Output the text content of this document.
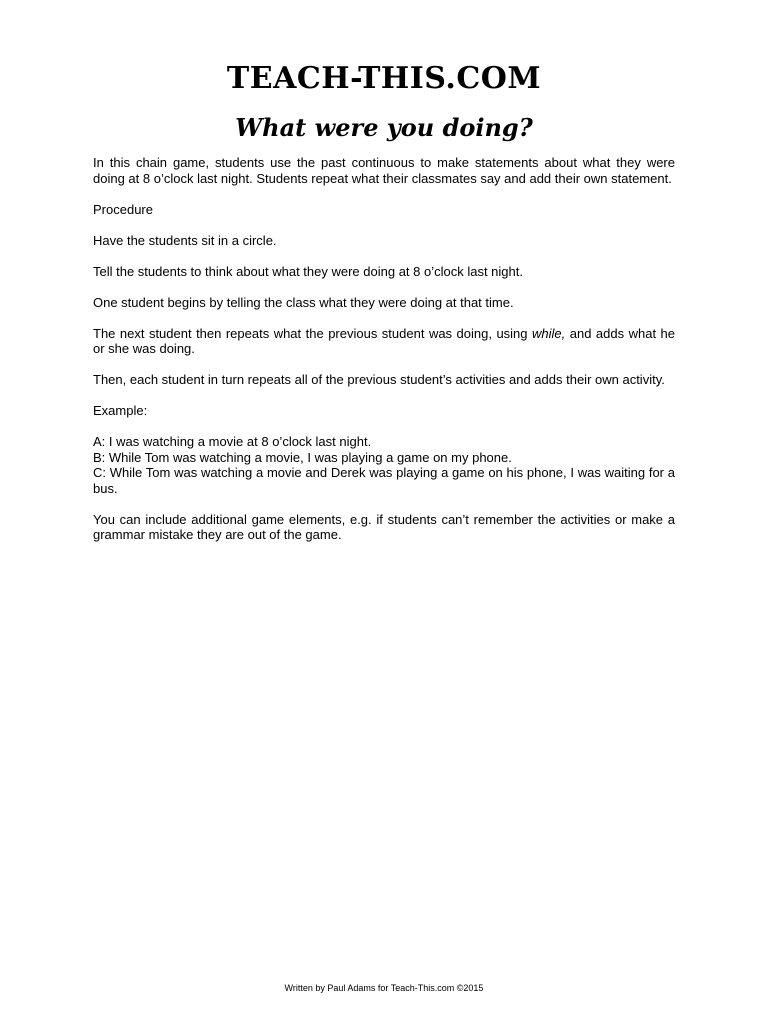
TEACH-THIS.COM
What were you doing?

In this chain game, students use the past continuous to make statements about what they were doing at 8 o’clock last night. Students repeat what their classmates say and add their own statement.

Procedure

Have the students sit in a circle.

Tell the students to think about what they were doing at 8 o’clock last night.

One student begins by telling the class what they were doing at that time.

The next student then repeats what the previous student was doing, using while, and adds what he or she was doing.

Then, each student in turn repeats all of the previous student’s activities and adds their own activity.

Example:

A: I was watching a movie at 8 o’clock last night.

B: While Tom was watching a movie, I was playing a game on my phone.

C: While Tom was watching a movie and Derek was playing a game on his phone, I was waiting for a bus.

You can include additional game elements, e.g. if students can’t remember the activities or make a grammar mistake they are out of the game.

Written by Paul Adams for Teach-This.com ©2015
